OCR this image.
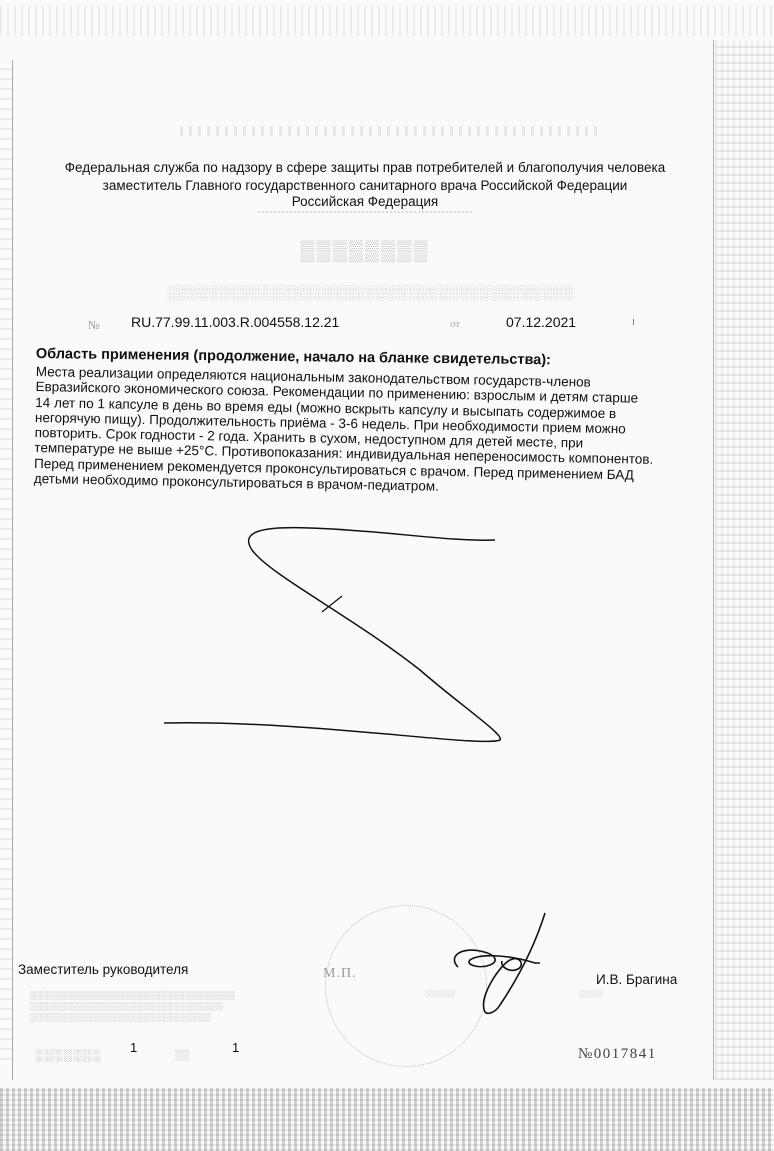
Федеральная служба по надзору в сфере защиты прав потребителей и благополучия человека
заместитель Главного государственного санитарного врача Российской Федерации
Российская Федерация
⁃⁃⁃⁃⁃⁃⁃⁃⁃⁃⁃⁃⁃⁃⁃⁃⁃⁃⁃⁃⁃⁃⁃⁃⁃⁃⁃⁃⁃⁃⁃⁃⁃⁃⁃⁃⁃⁃⁃⁃⁃⁃⁃⁃⁃⁃⁃⁃⁃⁃⁃⁃⁃⁃
▒▒▒▒▒▒▒▒
░░░░░░░░░░░░░░░░░░░░░░░░░░░░░░░░░░░░░░░
№ RU.77.99.11.003.R.004558.12.21	от	07.12.2021	ı
Область применения (продолжение, начало на бланке свидетельства):
Места реализации определяются национальным законодательством государств-членов
Евразийского экономического союза. Рекомендации по применению: взрослым и детям старше
14 лет по 1 капсуле в день во время еды (можно вскрыть капсулу и высыпать содержимое в
негорячую пищу). Продолжительность приёма - 3-6 недель. При необходимости прием можно
повторить. Срок годности - 2 года. Хранить в сухом, недоступном для детей месте, при
температуре не выше +25°С. Противопоказания: индивидуальная непереносимость компонентов.
Перед применением рекомендуется проконсультироваться с врачом. Перед применением БАД
детьми необходимо проконсультироваться в врачом-педиатром.
Заместитель руководителя	М.П.	И.В. Брагина
░░░░░░░░░░░░░░░░░░░░░░░░░░░░░░░░░░
░░░░░░░░░░░░░░░░░░░░░░░░░░░░░░░░
░░░░░░░░░░░░░░░░░░░░░░░░░░░░░░
░░░░░░	░░░░░
░░░░░░░ 1
░░
1	№0017841
